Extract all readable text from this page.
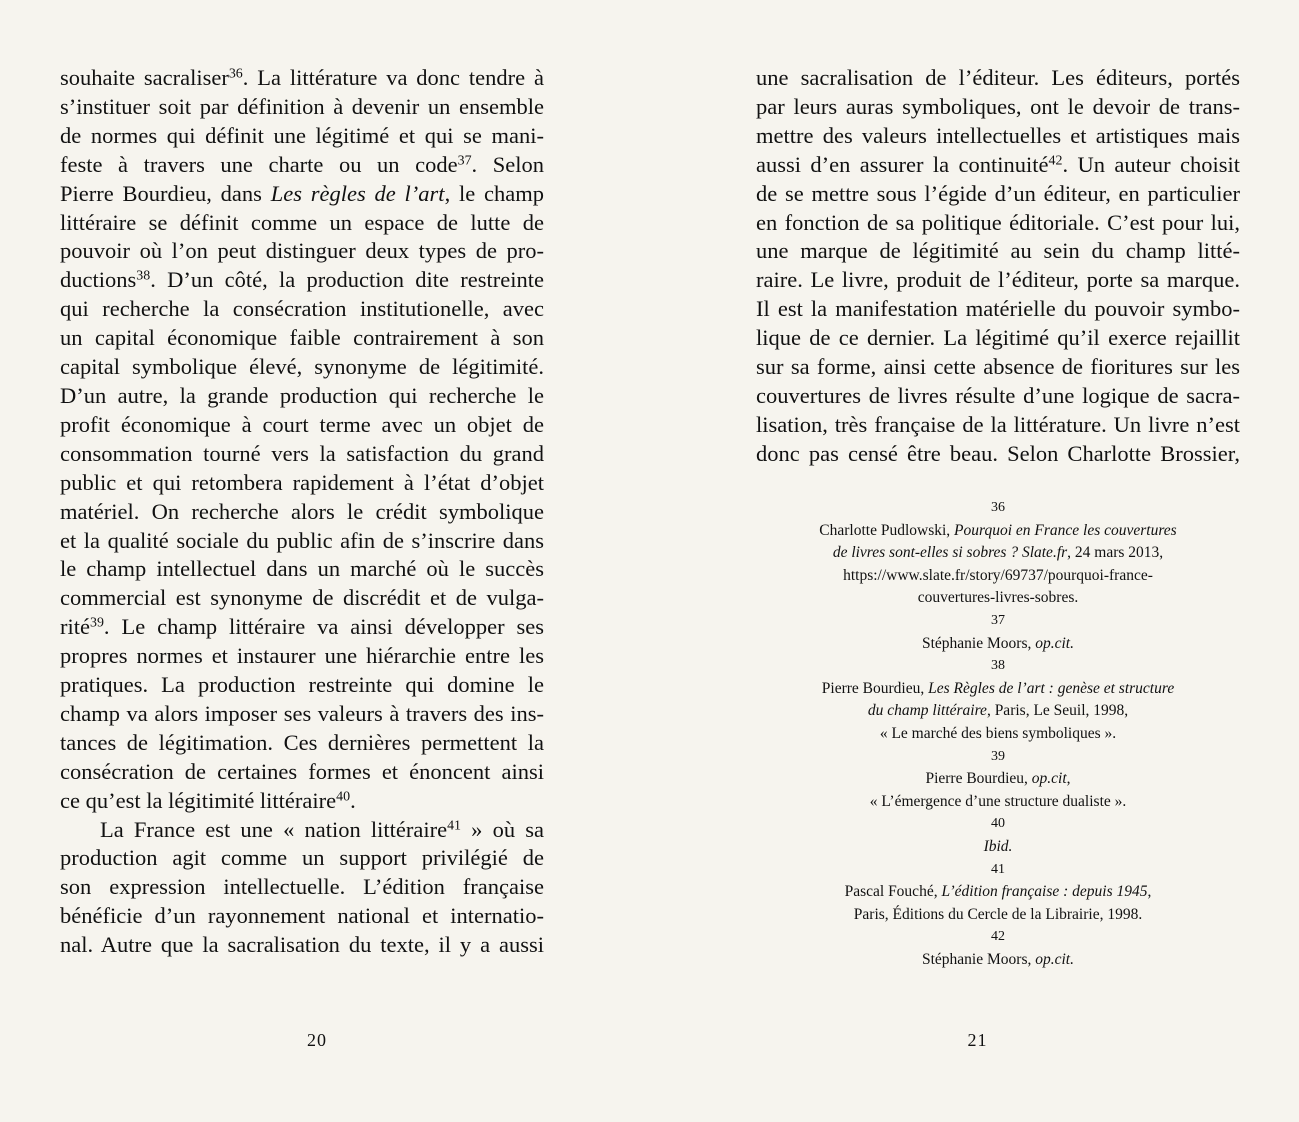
souhaite sacraliser$^{36}$. La littérature va donc tendre à
s’instituer soit par définition à devenir un ensemble
de normes qui définit une légitimé et qui se mani-
feste à travers une charte ou un code$^{37}$. Selon
Pierre Bourdieu, dans Les règles de l’art, le champ
littéraire se définit comme un espace de lutte de
pouvoir où l’on peut distinguer deux types de pro-
ductions$^{38}$. D’un côté, la production dite restreinte
qui recherche la consécration institutionelle, avec
un capital économique faible contrairement à son
capital symbolique élevé, synonyme de légitimité.
D’un autre, la grande production qui recherche le
profit économique à court terme avec un objet de
consommation tourné vers la satisfaction du grand
public et qui retombera rapidement à l’état d’objet
matériel. On recherche alors le crédit symbolique
et la qualité sociale du public afin de s’inscrire dans
le champ intellectuel dans un marché où le succès
commercial est synonyme de discrédit et de vulga-
rité$^{39}$. Le champ littéraire va ainsi développer ses
propres normes et instaurer une hiérarchie entre les
pratiques. La production restreinte qui domine le
champ va alors imposer ses valeurs à travers des ins-
tances de légitimation. Ces dernières permettent la
consécration de certaines formes et énoncent ainsi
ce qu’est la légitimité littéraire$^{40}$.
La France est une « nation littéraire$^{41}$ » où sa
production agit comme un support privilégié de
son expression intellectuelle. L’édition française
bénéficie d’un rayonnement national et internatio-
nal. Autre que la sacralisation du texte, il y a aussi
20
une sacralisation de l’éditeur. Les éditeurs, portés
par leurs auras symboliques, ont le devoir de trans-
mettre des valeurs intellectuelles et artistiques mais
aussi d’en assurer la continuité$^{42}$. Un auteur choisit
de se mettre sous l’égide d’un éditeur, en particulier
en fonction de sa politique éditoriale. C’est pour lui,
une marque de légitimité au sein du champ litté-
raire. Le livre, produit de l’éditeur, porte sa marque.
Il est la manifestation matérielle du pouvoir symbo-
lique de ce dernier. La légitimé qu’il exerce rejaillit
sur sa forme, ainsi cette absence de fioritures sur les
couvertures de livres résulte d’une logique de sacra-
lisation, très française de la littérature. Un livre n’est
donc pas censé être beau. Selon Charlotte Brossier,
36
Charlotte Pudlowski, Pourquoi en France les couvertures
de livres sont-elles si sobres ? Slate.fr, 24 mars 2013,
https://www.slate.fr/story/69737/pourquoi-france-
couvertures-livres-sobres.
37
Stéphanie Moors, op.cit.
38
Pierre Bourdieu, Les Règles de l’art : genèse et structure
du champ littéraire, Paris, Le Seuil, 1998,
« Le marché des biens symboliques ».
39
Pierre Bourdieu, op.cit,
« L’émergence d’une structure dualiste ».
40
Ibid.
41
Pascal Fouché, L’édition française : depuis 1945,
Paris, Éditions du Cercle de la Librairie, 1998.
42
Stéphanie Moors, op.cit.
21
